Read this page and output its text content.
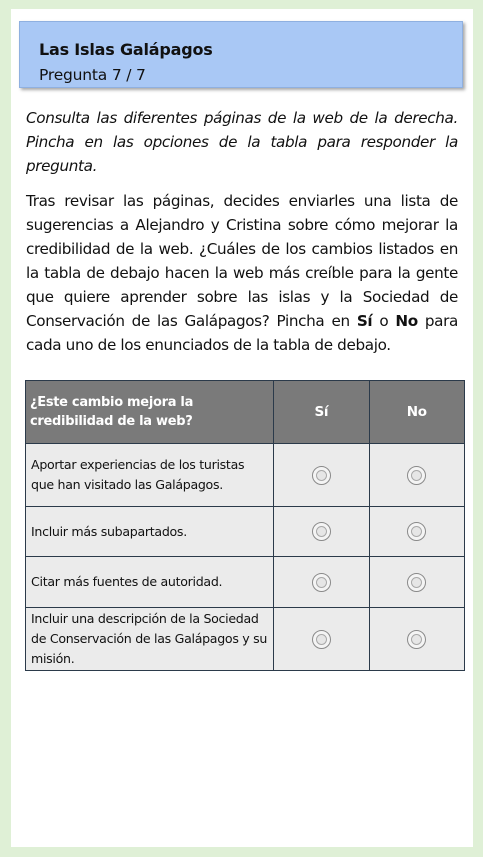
Las Islas Galápagos
Pregunta 7 / 7
Consulta las diferentes páginas de la web de la derecha. Pincha en las opciones de la tabla para responder la pregunta.
Tras revisar las páginas, decides enviarles una lista de sugerencias a Alejandro y Cristina sobre cómo mejorar la credibilidad de la web. ¿Cuáles de los cambios listados en la tabla de debajo hacen la web más creíble para la gente que quiere aprender sobre las islas y la Sociedad de Conservación de las Galápagos? Pincha en Sí o No para cada uno de los enunciados de la tabla de debajo.
¿Este cambio mejora la credibilidad de la web?	Sí	No
Aportar experiencias de los turistas que han visitado las Galápagos.		
Incluir más subapartados.		
Citar más fuentes de autoridad.		
Incluir una descripción de la Sociedad de Conservación de las Galápagos y su misión.		
